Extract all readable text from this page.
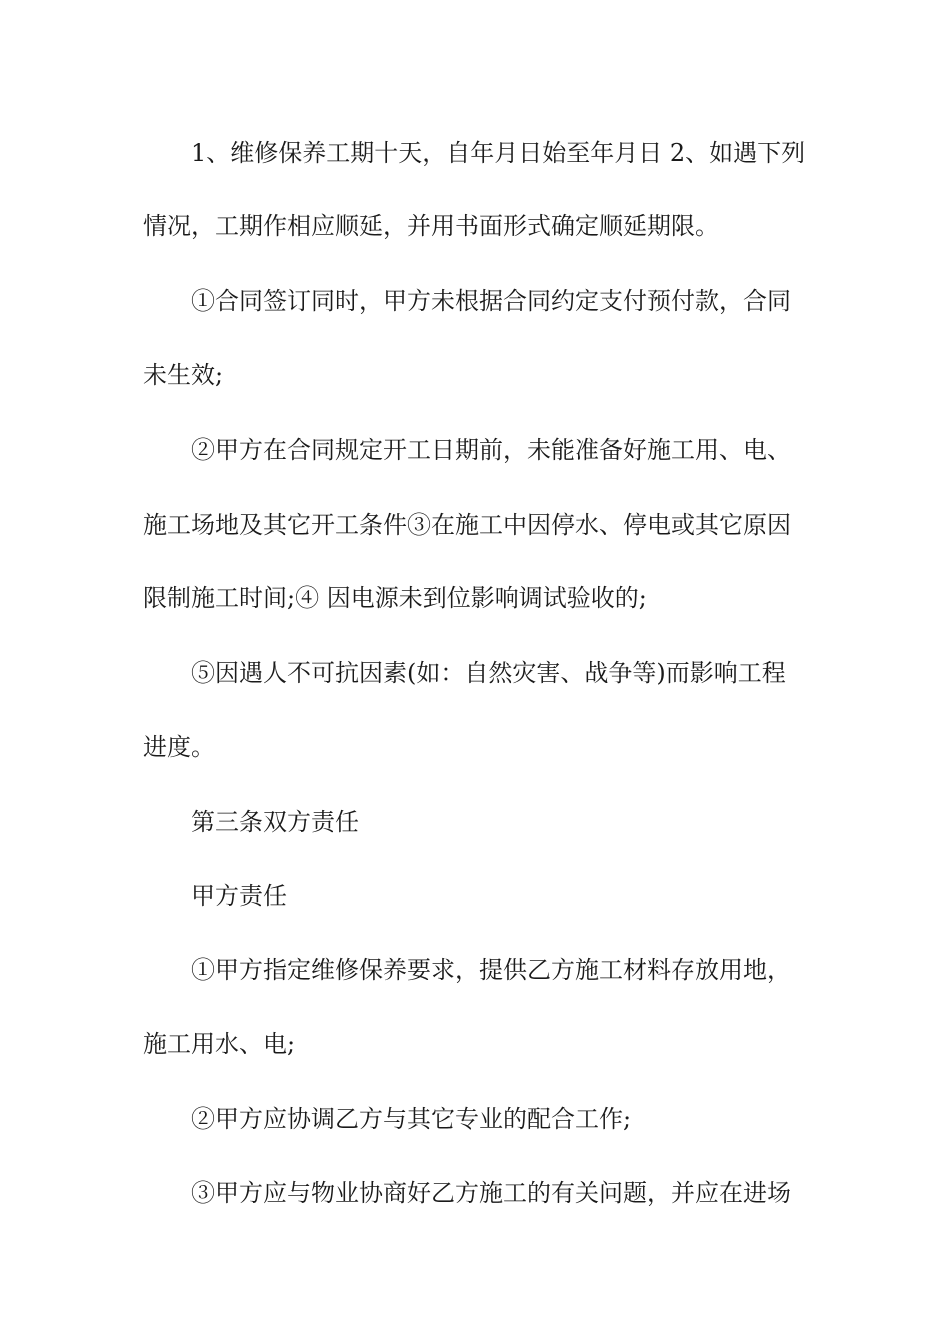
1、维修保养工期十天，自年月日始至年月日 2、如遇下列
情况，工期作相应顺延，并用书面形式确定顺延期限。
①合同签订同时，甲方未根据合同约定支付预付款，合同
未生效;
②甲方在合同规定开工日期前，未能准备好施工用、电、
施工场地及其它开工条件③在施工中因停水、停电或其它原因
限制施工时间;④ 因电源未到位影响调试验收的;
⑤因遇人不可抗因素(如：自然灾害、战争等)而影响工程
进度。
第三条双方责任
甲方责任
①甲方指定维修保养要求，提供乙方施工材料存放用地，
施工用水、电;
②甲方应协调乙方与其它专业的配合工作;
③甲方应与物业协商好乙方施工的有关问题，并应在进场
